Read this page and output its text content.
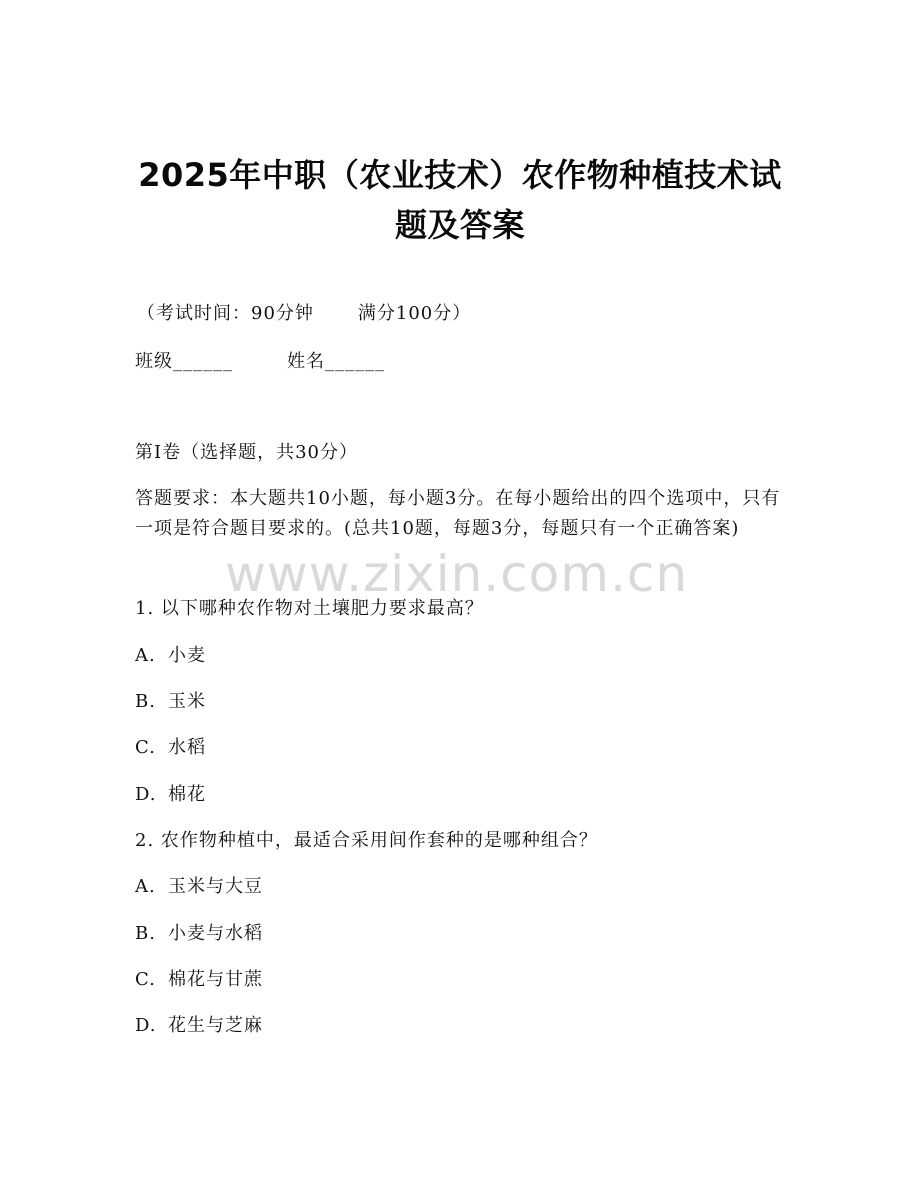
www.zixin.com.cn
2025年中职（农业技术）农作物种植技术试
题及答案
（考试时间：90分钟 满分100分）
班级______	姓名______
第I卷（选择题，共30分）
答题要求：本大题共10小题，每小题3分。在每小题给出的四个选项中，只有一项是符合题目要求的。(总共10题，每题3分，每题只有一个正确答案)
1. 以下哪种农作物对土壤肥力要求最高？
A. 小麦
B. 玉米
C. 水稻
D. 棉花
2. 农作物种植中，最适合采用间作套种的是哪种组合？
A. 玉米与大豆
B. 小麦与水稻
C. 棉花与甘蔗
D. 花生与芝麻
